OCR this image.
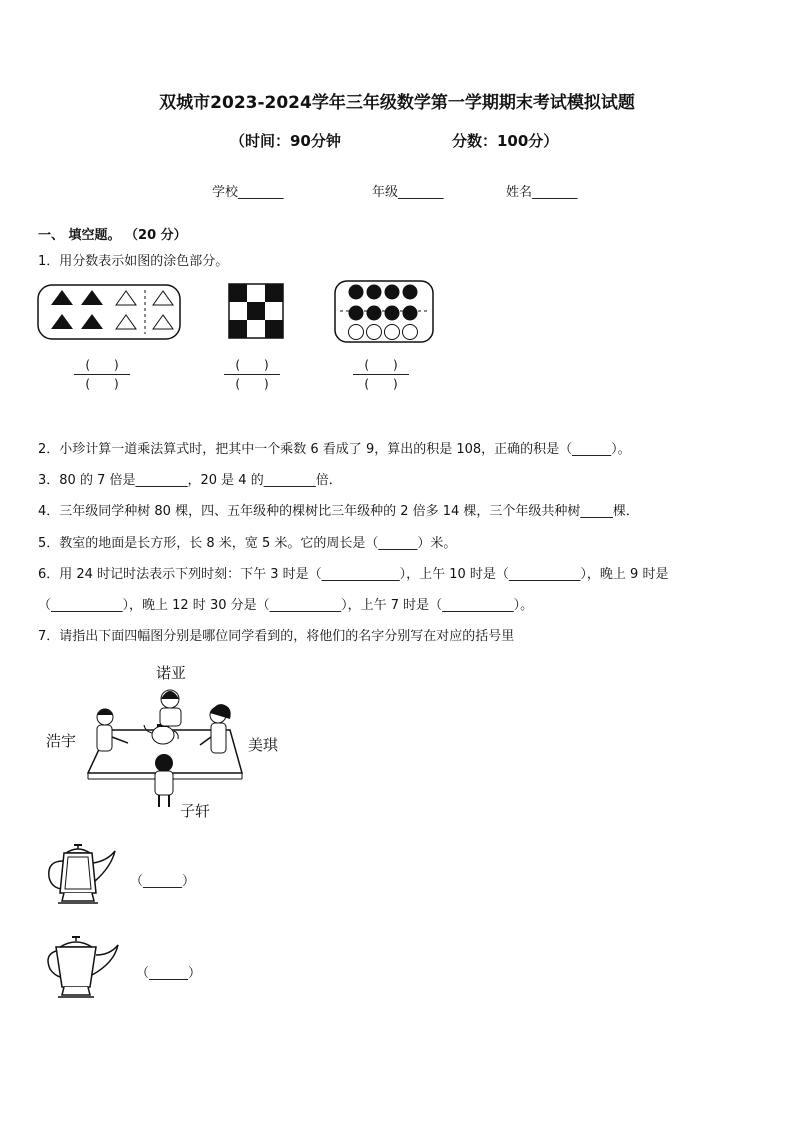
双城市2023-2024学年三年级数学第一学期期末考试模拟试题
（时间：90分钟	分数：100分）
学校_______	年级_______	姓名_______
一、 填空题。 （20 分）
1．用分数表示如图的涂色部分。
(　　)
(　　)
(　　)
(　　)
(　　)
(　　)
2．小珍计算一道乘法算式时，把其中一个乘数 6 看成了 9，算出的积是 108，正确的积是（______）。
3．80 的 7 倍是________，20 是 4 的________倍．
4．三年级同学种树 80 棵，四、五年级种的棵树比三年级种的 2 倍多 14 棵，三个年级共种树_____棵．
5．教室的地面是长方形，长 8 米，宽 5 米。它的周长是（______）米。
6．用 24 时记时法表示下列时刻：下午 3 时是（____________），上午 10 时是（___________），晚上 9 时是
（___________），晚上 12 时 30 分是（___________），上午 7 时是（___________）。
7．请指出下面四幅图分别是哪位同学看到的，将他们的名字分别写在对应的括号里
诺亚
浩宇	美琪
子轩
（______）
（______）
